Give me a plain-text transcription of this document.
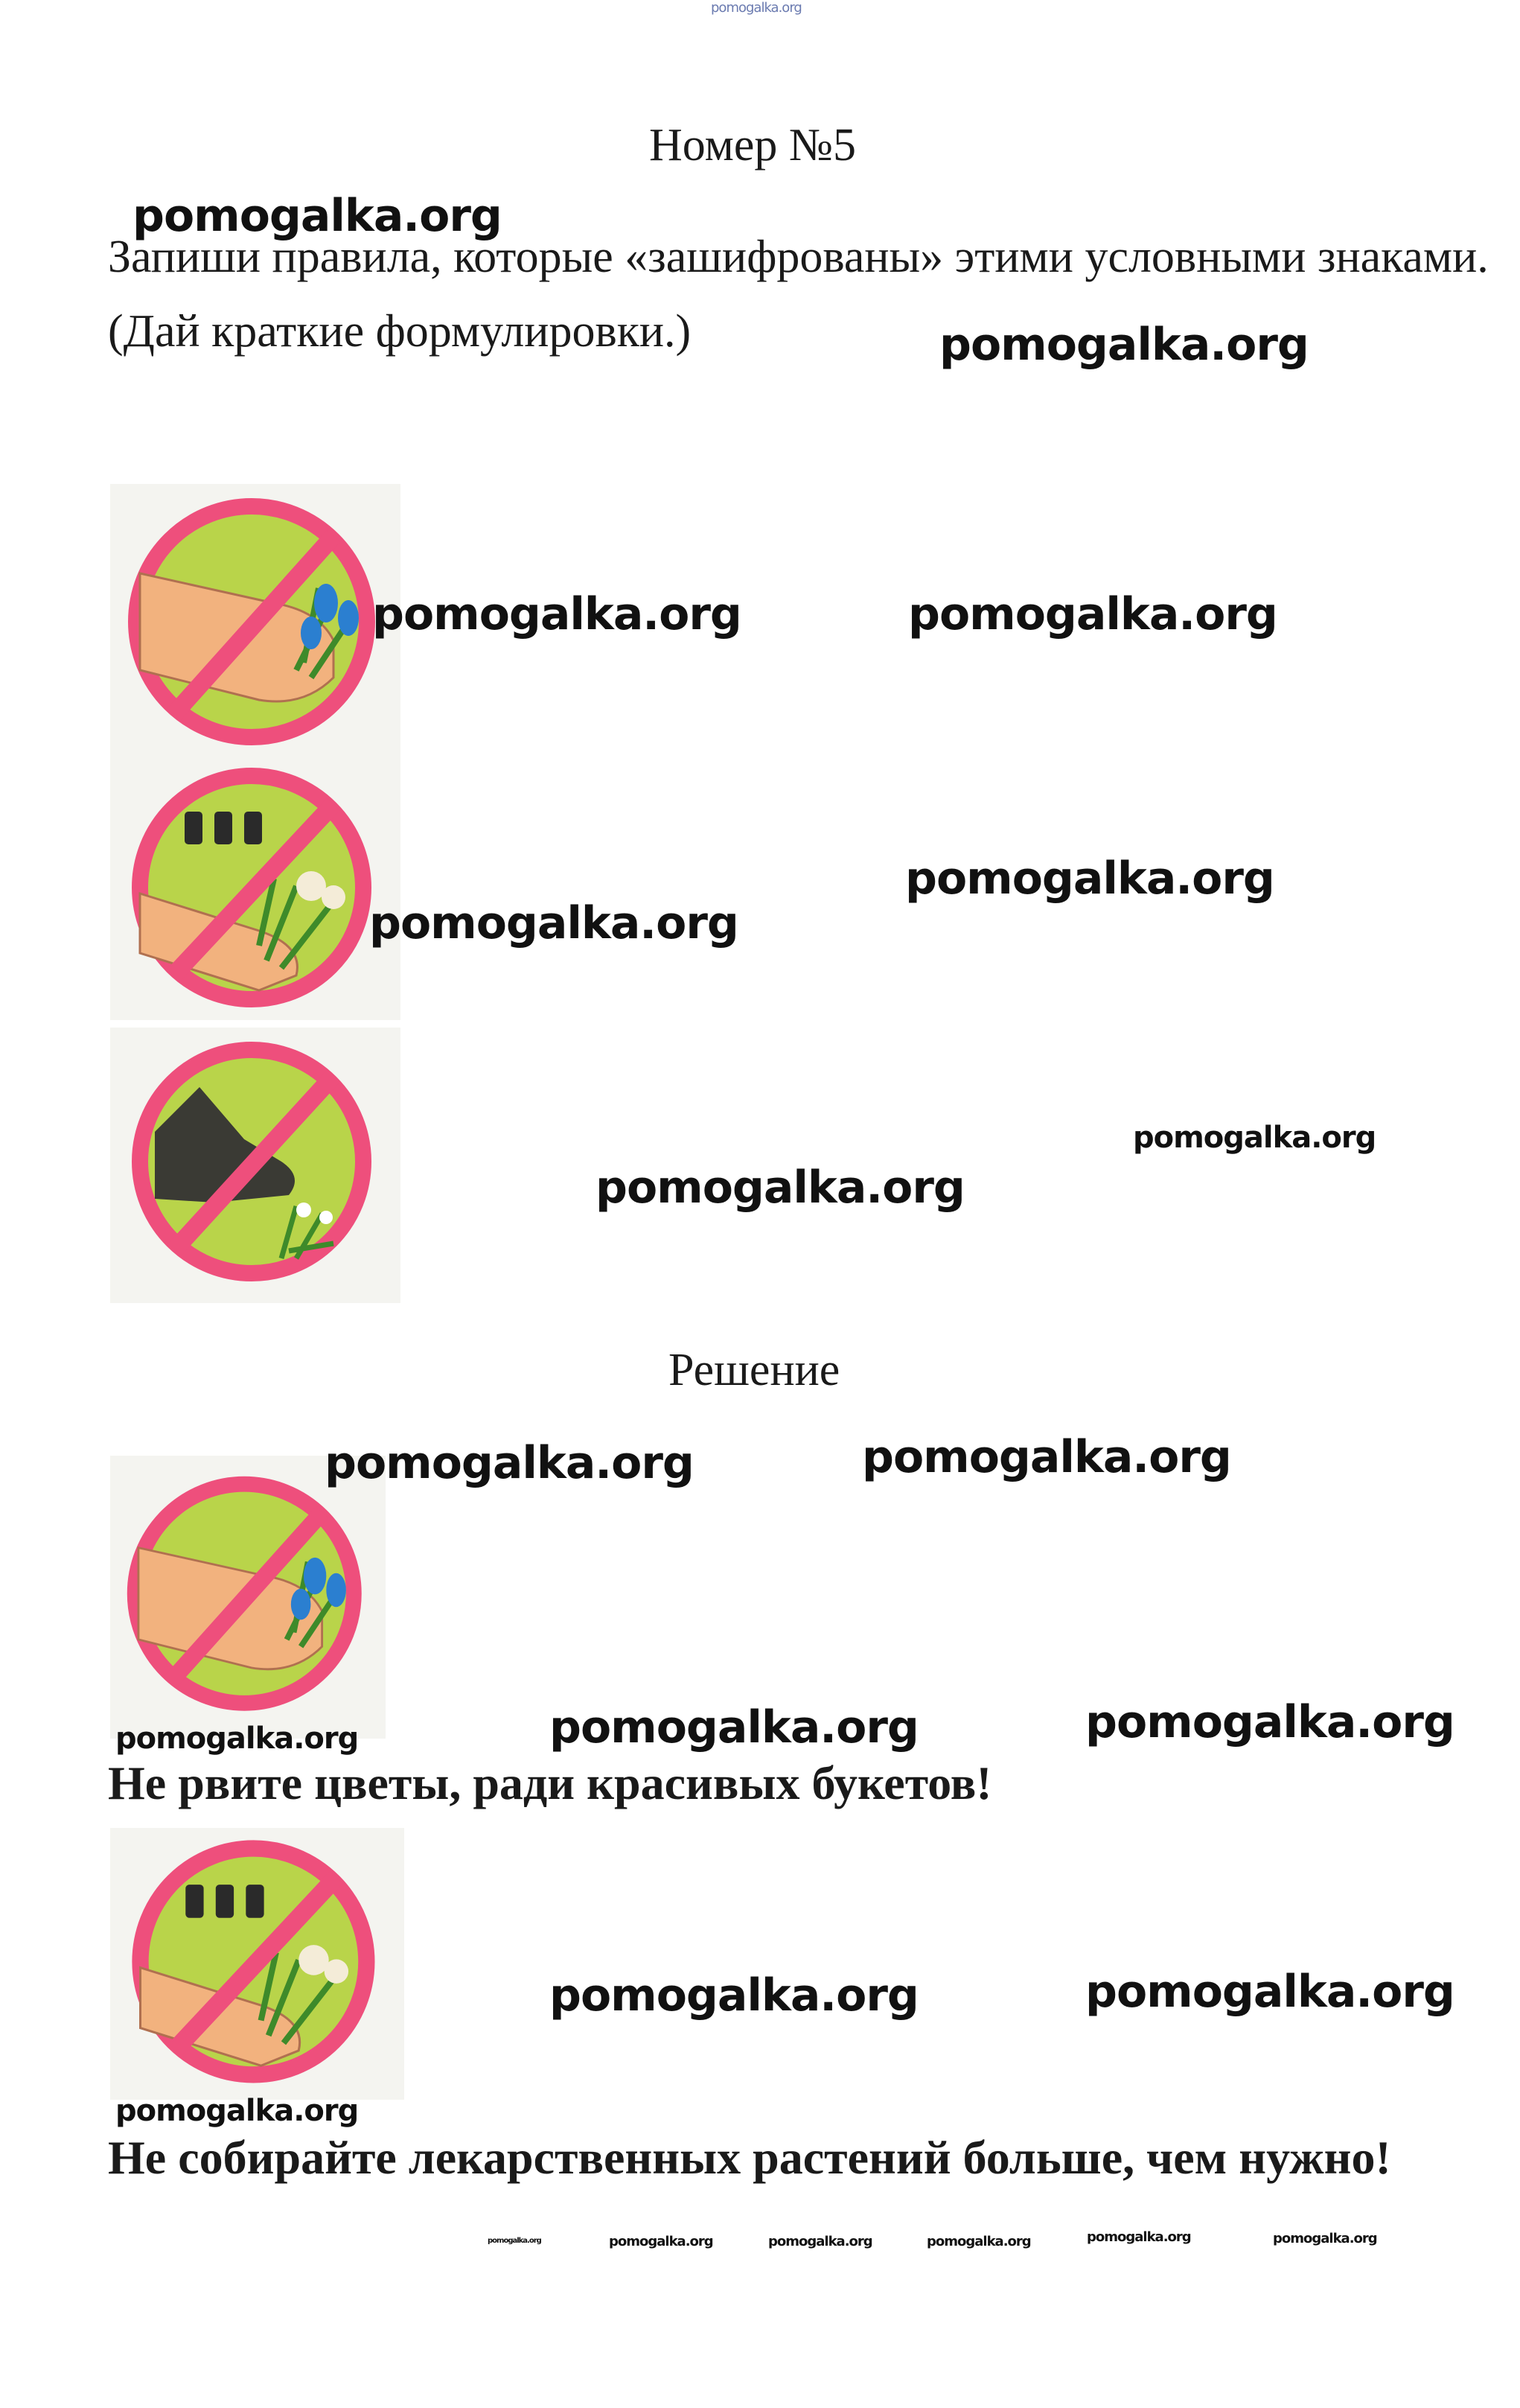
pomogalka.org
Номер №5
Запиши правила, которые «зашифрованы» этими условными знаками. (Дай краткие формулировки.)
pomogalka.org
pomogalka.org
pomogalka.org	pomogalka.org
pomogalka.org
pomogalka.org
pomogalka.org
pomogalka.org
Решение
pomogalka.org	pomogalka.org
pomogalka.org	pomogalka.org	pomogalka.org
Не рвите цветы, ради красивых букетов!
pomogalka.org	pomogalka.org
pomogalka.org
Не собирайте лекарственных растений больше, чем нужно!
pomogalka.org	pomogalka.org	pomogalka.org	pomogalka.org	pomogalka.org	pomogalka.org
